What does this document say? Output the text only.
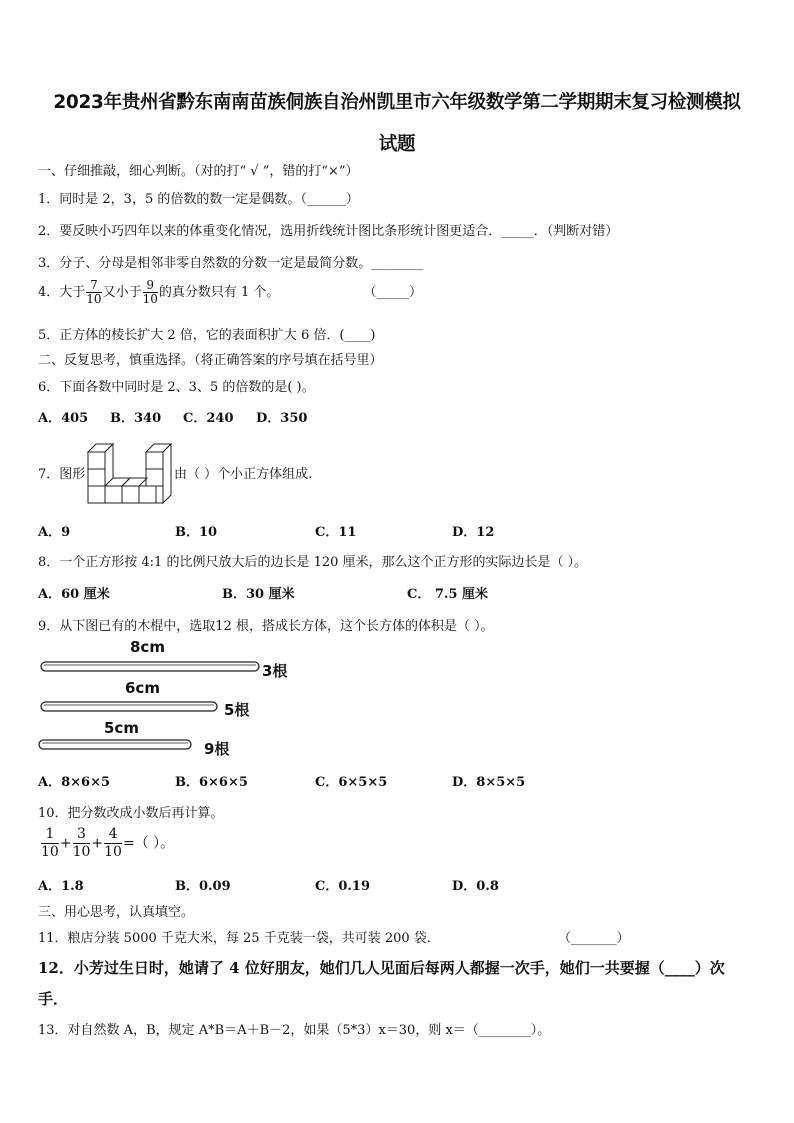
2023年贵州省黔东南南苗族侗族自治州凯里市六年级数学第二学期期末复习检测模拟
试题
一、仔细推敲，细心判断。（对的打“ √ ”，错的打“×”）
1．同时是 2，3，5 的倍数的数一定是偶数。（______）
2．要反映小巧四年以来的体重变化情况，选用折线统计图比条形统计图更适合．_____．（判断对错）
3．分子、分母是相邻非零自然数的分数一定是最简分数。________
4．大于 $\frac{7}{10}$ 又小于 $\frac{9}{10}$ 的真分数只有 1 个。	（_____）
5．正方体的棱长扩大 2 倍，它的表面积扩大 6 倍．(____)
二、反复思考，慎重选择。（将正确答案的序号填在括号里）
6．下面各数中同时是 2、3、5 的倍数的是( )。
A．405 B．340 C．240 D．350
7．图形	由（ ）个小正方体组成.
A．9	B．10	C．11	D．12
8．一个正方形按 4:1 的比例尺放大后的边长是 120 厘米，那么这个正方形的实际边长是（ ）。
A．60 厘米	B．30 厘米	C． 7.5 厘米
9．从下图已有的木棍中，选取12 根，搭成长方体，这个长方体的体积是（ ）。
8cm
3根
6cm
5根
5cm
9根
A．8×6×5	B．6×6×5	C．6×5×5	D．8×5×5
10．把分数改成小数后再计算。
$\frac{1}{10} + \frac{3}{10} + \frac{4}{10}$ =（ ）。
A．1.8	B．0.09	C．0.19	D．0.8
三、用心思考，认真填空。
11．粮店分装 5000 千克大米，每 25 千克装一袋，共可装 200 袋.	（_______）
12．小芳过生日时，她请了 4 位好朋友，她们几人见面后每两人都握一次手，她们一共要握（____）次
手．
13．对自然数 A，B，规定 A*B＝A＋B－2，如果（5*3）x＝30，则 x＝（________）。
